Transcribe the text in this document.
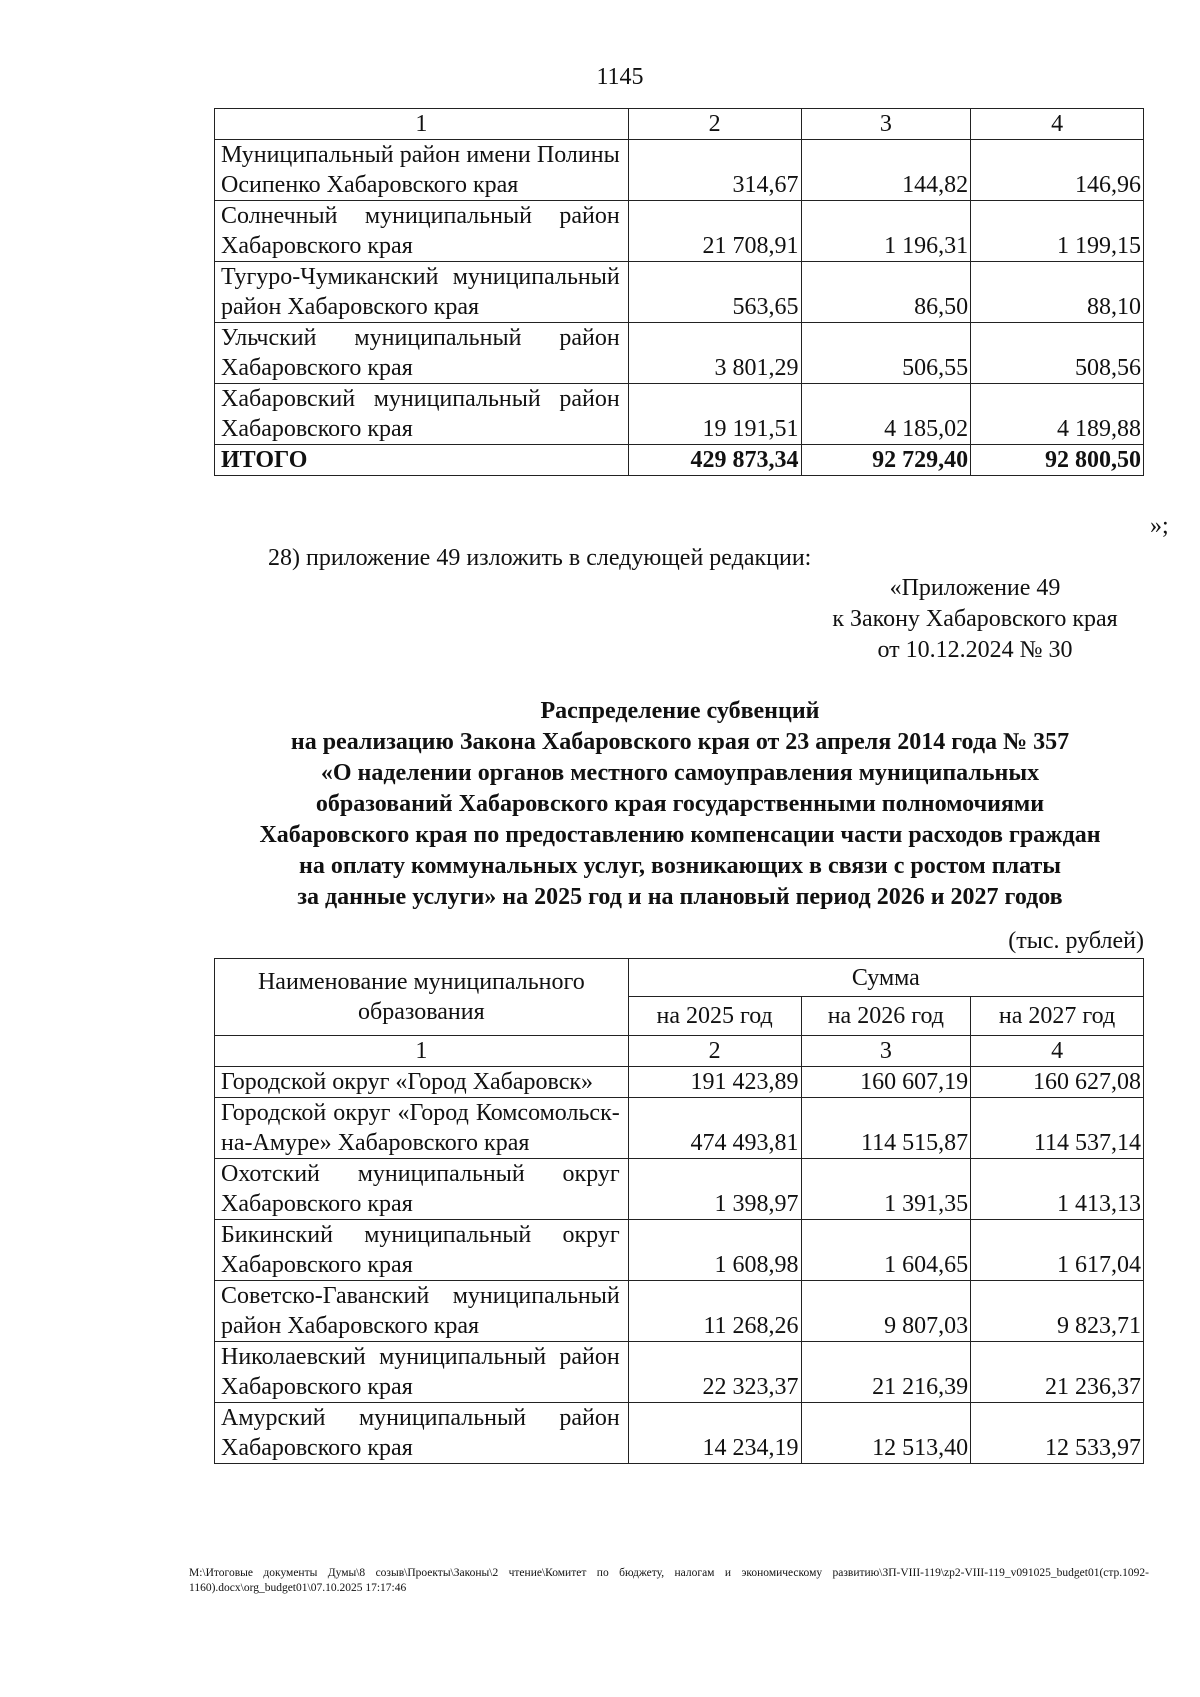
1145
1	2	3	4
Муниципальный район имени Полины Осипенко Хабаровского края	314,67	144,82	146,96
Солнечный муниципальный район Хабаровского края	21 708,91	1 196,31	1 199,15
Тугуро-Чумиканский муниципальный район Хабаровского края	563,65	86,50	88,10
Ульчский муниципальный район Хабаровского края	3 801,29	506,55	508,56
Хабаровский муниципальный район Хабаровского края	19 191,51	4 185,02	4 189,88
ИТОГО	429 873,34	92 729,40	92 800,50
»;
28) приложение 49 изложить в следующей редакции:
«Приложение 49
к Закону Хабаровского края
от 10.12.2024 № 30
Распределение субвенций
на реализацию Закона Хабаровского края от 23 апреля 2014 года № 357
«О наделении органов местного самоуправления муниципальных
образований Хабаровского края государственными полномочиями
Хабаровского края по предоставлению компенсации части расходов граждан
на оплату коммунальных услуг, возникающих в связи с ростом платы
за данные услуги» на 2025 год и на плановый период 2026 и 2027 годов
(тыс. рублей)
Наименование муниципального образования	Сумма		
	на 2025 год	на 2026 год	на 2027 год
1	2	3	4
Городской округ «Город Хабаровск»	191 423,89	160 607,19	160 627,08
Городской округ «Город Комсомольск-на-Амуре» Хабаровского края	474 493,81	114 515,87	114 537,14
Охотский муниципальный округ Хабаровского края	1 398,97	1 391,35	1 413,13
Бикинский муниципальный округ Хабаровского края	1 608,98	1 604,65	1 617,04
Советско-Гаванский муниципальный район Хабаровского края	11 268,26	9 807,03	9 823,71
Николаевский муниципальный район Хабаровского края	22 323,37	21 216,39	21 236,37
Амурский муниципальный район Хабаровского края	14 234,19	12 513,40	12 533,97
М:\Итоговые документы Думы\8 созыв\Проекты\Законы\2 чтение\Комитет по бюджету, налогам и экономическому развитию\ЗП-VIII-119\zp2-VIII-119_v091025_budget01(стр.1092-1160).docx\org_budget01\07.10.2025 17:17:46
